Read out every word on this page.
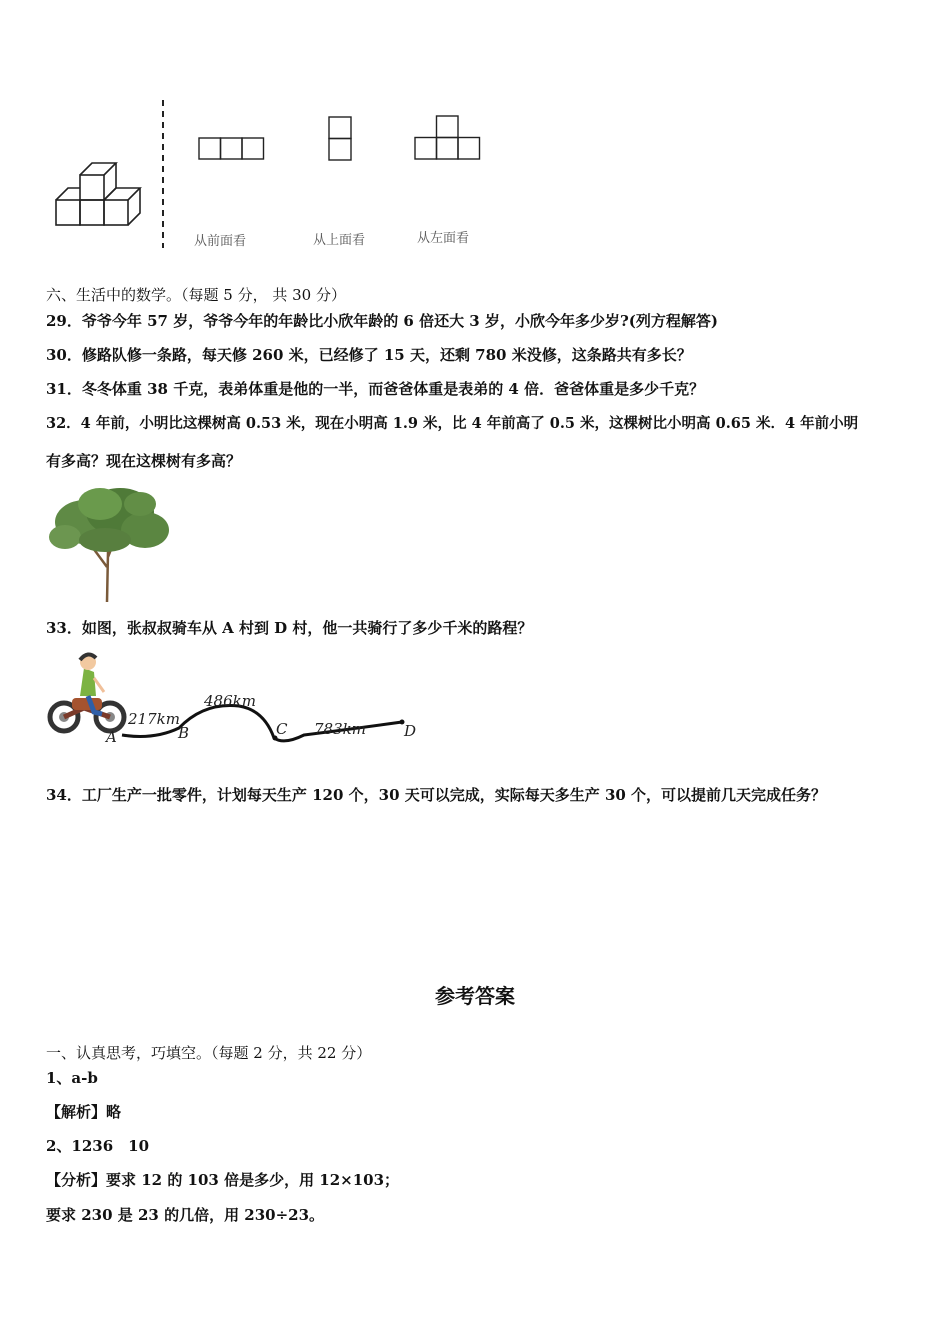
从前面看	从上面看	从左面看
六、生活中的数学。（每题 5 分， 共 30 分）
29．爷爷今年 57 岁，爷爷今年的年龄比小欣年龄的 6 倍还大 3 岁，小欣今年多少岁?(列方程解答)
30．修路队修一条路，每天修 260 米，已经修了 15 天，还剩 780 米没修，这条路共有多长？
31．冬冬体重 38 千克，表弟体重是他的一半，而爸爸体重是表弟的 4 倍．爸爸体重是多少千克？
32．4 年前，小明比这棵树高 0.53 米，现在小明高 1.9 米，比 4 年前高了 0.5 米，这棵树比小明高 0.65 米．4 年前小明
有多高？现在这棵树有多高？
33．如图，张叔叔骑车从 A 村到 D 村，他一共骑行了多少千米的路程？
217km
486km
783km
A	B	C	D
34．工厂生产一批零件，计划每天生产 120 个，30 天可以完成，实际每天多生产 30 个，可以提前几天完成任务？
参考答案
一、认真思考，巧填空。（每题 2 分，共 22 分）
1、a-b
【解析】略
2、1236　10
【分析】要求 12 的 103 倍是多少，用 12×103；
要求 230 是 23 的几倍，用 230÷23。
